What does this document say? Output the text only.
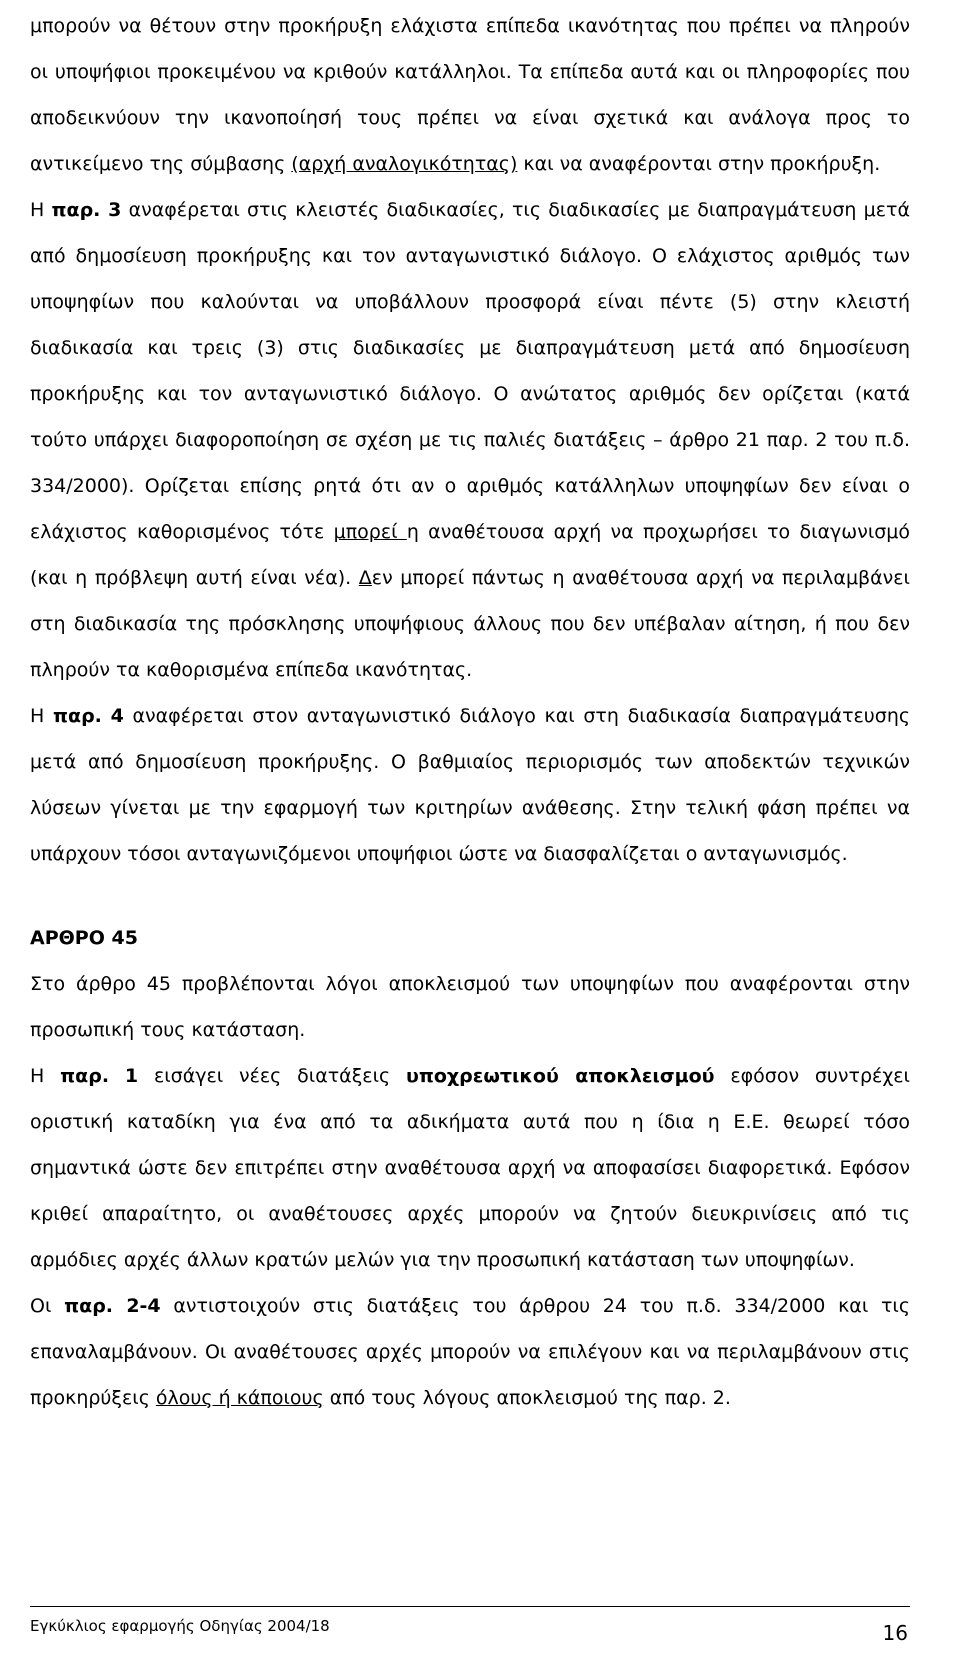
μπορούν να θέτουν στην προκήρυξη ελάχιστα επίπεδα ικανότητας που πρέπει να πληρούν οι υποψήφιοι προκειμένου να κριθούν κατάλληλοι. Τα επίπεδα αυτά και οι πληροφορίες που αποδεικνύουν την ικανοποίησή τους πρέπει να είναι σχετικά και ανάλογα προς το αντικείμενο της σύμβασης (αρχή αναλογικότητας) και να αναφέρονται στην προκήρυξη.

Η παρ. 3 αναφέρεται στις κλειστές διαδικασίες, τις διαδικασίες με διαπραγμάτευση μετά από δημοσίευση προκήρυξης και τον ανταγωνιστικό διάλογο. Ο ελάχιστος αριθμός των υποψηφίων που καλούνται να υποβάλλουν προσφορά είναι πέντε (5) στην κλειστή διαδικασία και τρεις (3) στις διαδικασίες με διαπραγμάτευση μετά από δημοσίευση προκήρυξης και τον ανταγωνιστικό διάλογο. Ο ανώτατος αριθμός δεν ορίζεται (κατά τούτο υπάρχει διαφοροποίηση σε σχέση με τις παλιές διατάξεις – άρθρο 21 παρ. 2 του π.δ. 334/2000). Ορίζεται επίσης ρητά ότι αν ο αριθμός κατάλληλων υποψηφίων δεν είναι ο ελάχιστος καθορισμένος τότε μπορεί η αναθέτουσα αρχή να προχωρήσει το διαγωνισμό (και η πρόβλεψη αυτή είναι νέα). Δεν μπορεί πάντως η αναθέτουσα αρχή να περιλαμβάνει στη διαδικασία της πρόσκλησης υποψήφιους άλλους που δεν υπέβαλαν αίτηση, ή που δεν πληρούν τα καθορισμένα επίπεδα ικανότητας.

Η παρ. 4 αναφέρεται στον ανταγωνιστικό διάλογο και στη διαδικασία διαπραγμάτευσης μετά από δημοσίευση προκήρυξης. Ο βαθμιαίος περιορισμός των αποδεκτών τεχνικών λύσεων γίνεται με την εφαρμογή των κριτηρίων ανάθεσης. Στην τελική φάση πρέπει να υπάρχουν τόσοι ανταγωνιζόμενοι υποψήφιοι ώστε να διασφαλίζεται ο ανταγωνισμός.

ΑΡΘΡΟ 45

Στο άρθρο 45 προβλέπονται λόγοι αποκλεισμού των υποψηφίων που αναφέρονται στην προσωπική τους κατάσταση.

Η παρ. 1 εισάγει νέες διατάξεις υποχρεωτικού αποκλεισμού εφόσον συντρέχει οριστική καταδίκη για ένα από τα αδικήματα αυτά που η ίδια η Ε.Ε. θεωρεί τόσο σημαντικά ώστε δεν επιτρέπει στην αναθέτουσα αρχή να αποφασίσει διαφορετικά. Εφόσον κριθεί απαραίτητο, οι αναθέτουσες αρχές μπορούν να ζητούν διευκρινίσεις από τις αρμόδιες αρχές άλλων κρατών μελών για την προσωπική κατάσταση των υποψηφίων.

Οι παρ. 2-4 αντιστοιχούν στις διατάξεις του άρθρου 24 του π.δ. 334/2000 και τις επαναλαμβάνουν. Οι αναθέτουσες αρχές μπορούν να επιλέγουν και να περιλαμβάνουν στις προκηρύξεις όλους ή κάποιους από τους λόγους αποκλεισμού της παρ. 2.

Εγκύκλιος εφαρμογής Οδηγίας 2004/18	16
